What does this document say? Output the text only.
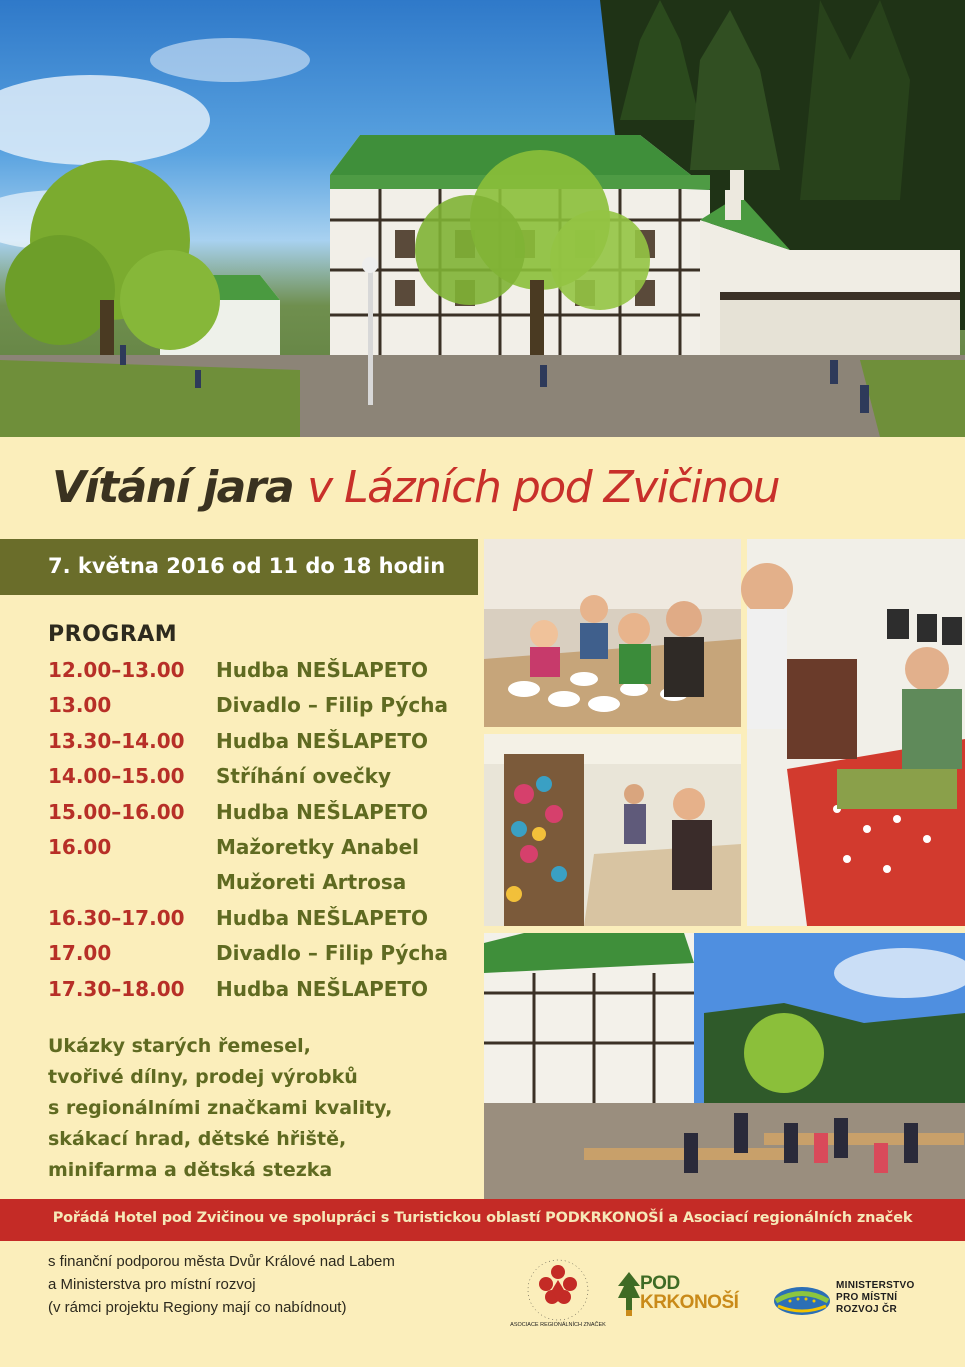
Vítání jara v Lázních pod Zvičinou
7. května 2016 od 11 do 18 hodin
PROGRAM
12.00–13.00 Hudba NEŠLAPETO
13.00	Divadlo – Filip Pýcha
13.30–14.00 Hudba NEŠLAPETO
14.00–15.00 Stříhání ovečky
15.00–16.00 Hudba NEŠLAPETO
16.00	Mažoretky Anabel
Mužoreti Artrosa
16.30–17.00 Hudba NEŠLAPETO
17.00	Divadlo – Filip Pýcha
17.30–18.00 Hudba NEŠLAPETO
Ukázky starých řemesel,
tvořivé dílny, prodej výrobků
s regionálními značkami kvality,
skákací hrad, dětské hřiště,
minifarma a dětská stezka
Pořádá Hotel pod Zvičinou ve spolupráci s Turistickou oblastí PODKRKONOŠÍ a Asociací regionálních značek
s finanční podporou města Dvůr Králové nad Labem
a Ministerstva pro místní rozvoj
(v rámci projektu Regiony mají co nabídnout)
ASOCIACE REGIONÁLNÍCH ZNAČEK
POD
KRKONOŠÍ
MINISTERSTVO
PRO MÍSTNÍ
ROZVOJ ČR
